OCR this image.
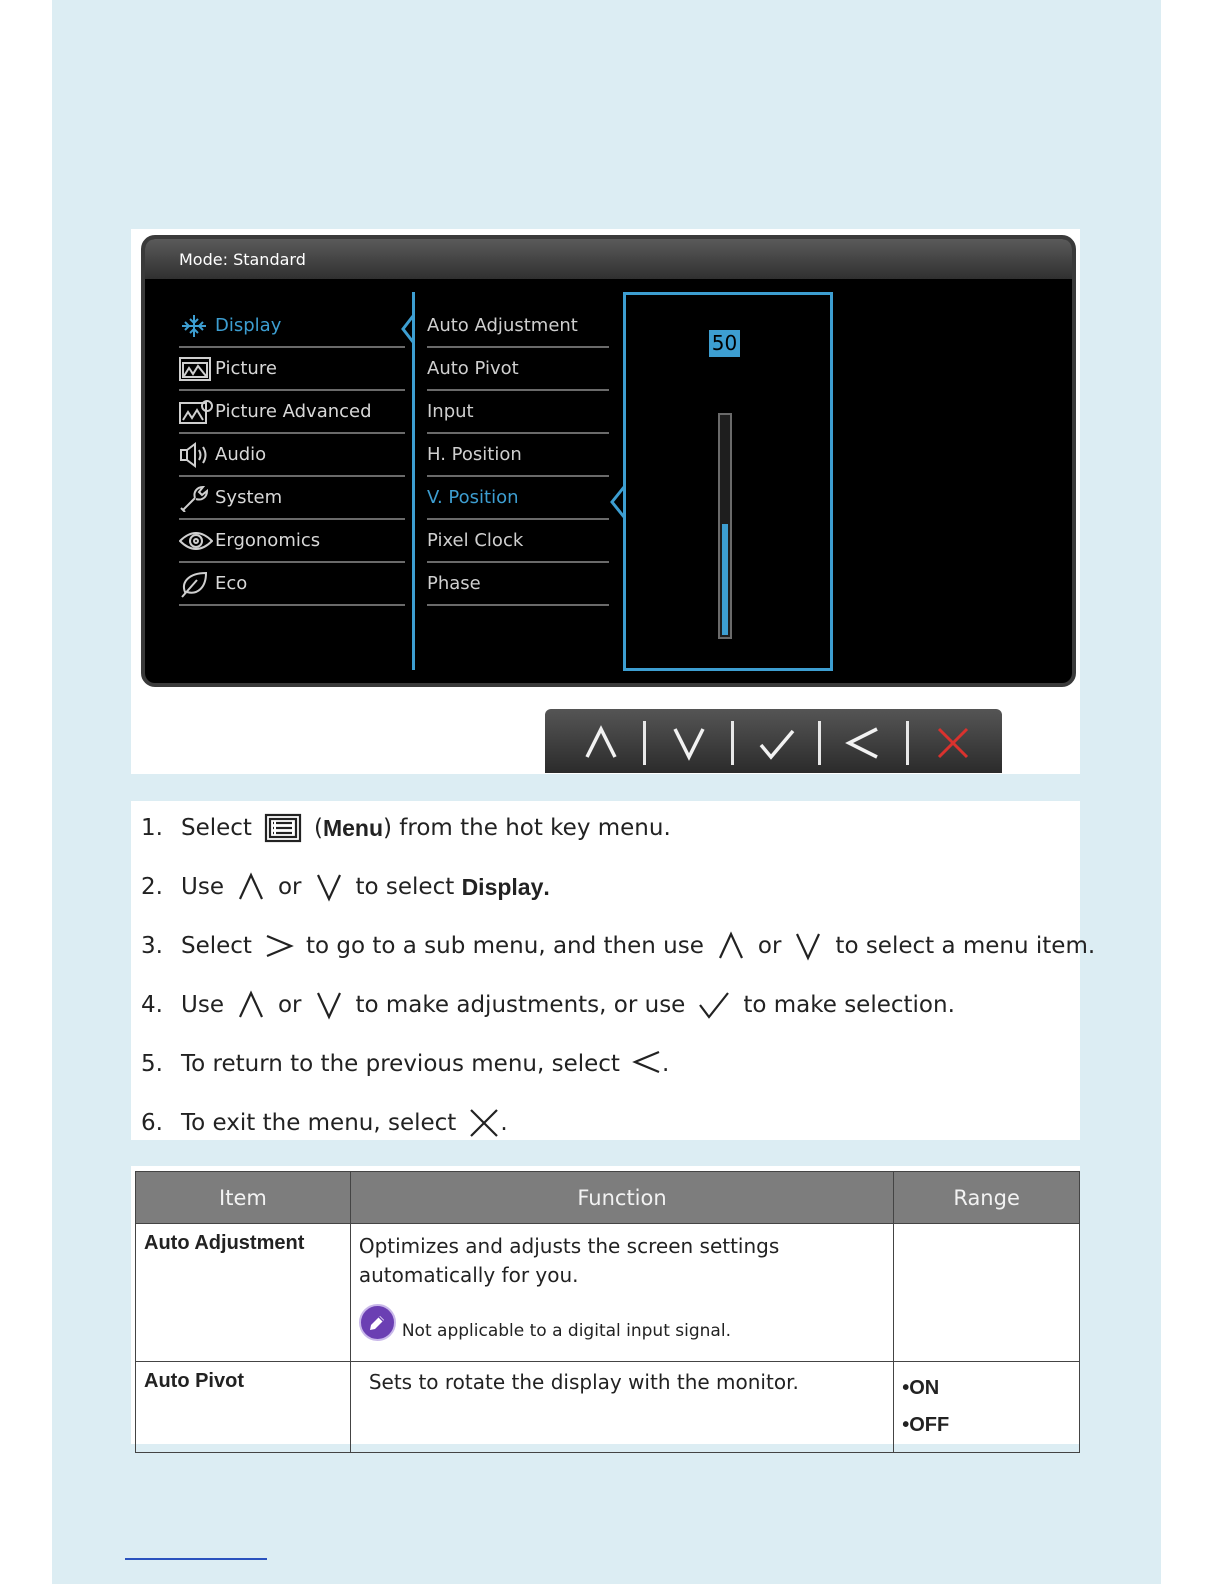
Mode: Standard
Display
Picture
Picture Advanced
Audio
System
Ergonomics
Eco
Auto Adjustment
Auto Pivot
Input
H. Position
V. Position
Pixel Clock
Phase
50
1. Select	( Menu ) from the hot key menu.
2. Use or to select
Display .
3. Select to go to a sub menu, and then use or to select a menu item.
4. Use or to make adjustments, or use	to make selection.
5. To return to the previous menu, select .
6. To exit the menu, select .
Item	Function	Range
Auto Adjustment	Optimizes and adjusts the screen settings automatically for you.
Not applicable to a digital input signal.	

Auto Pivot	Sets to rotate the display with the monitor.	•ON
•OFF
